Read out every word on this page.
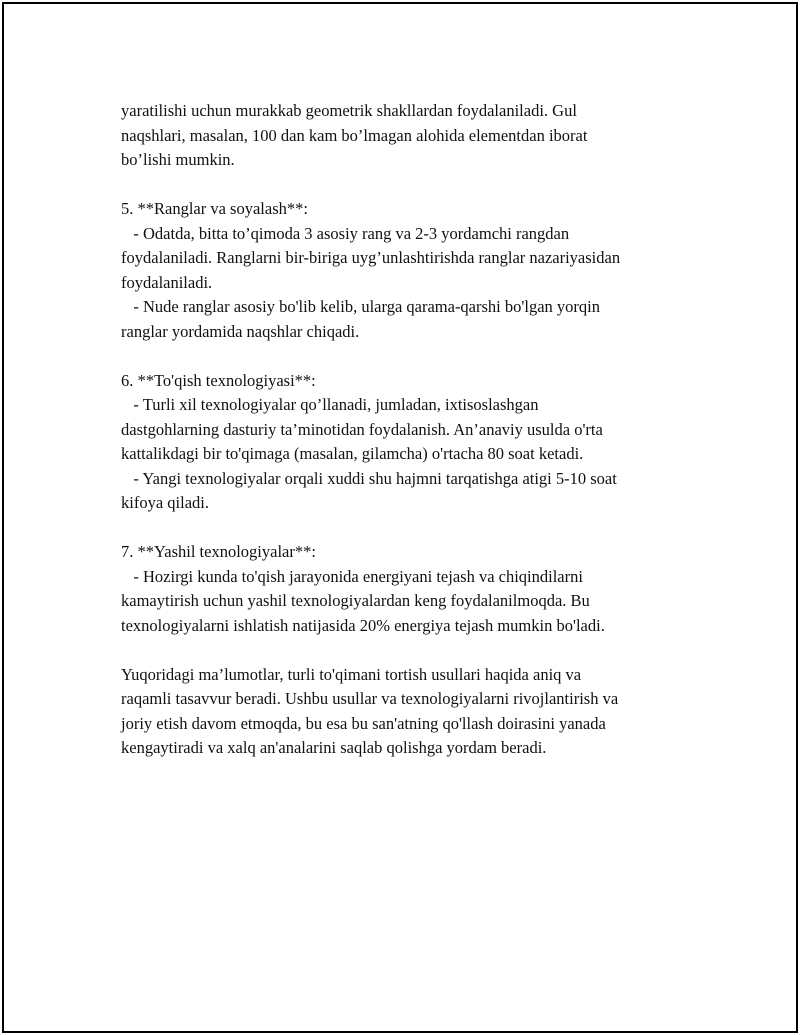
yaratilishi uchun murakkab geometrik shakllardan foydalaniladi. Gul
naqshlari, masalan, 100 dan kam bo’lmagan alohida elementdan iborat
bo’lishi mumkin.
5. **Ranglar va soyalash**:
- Odatda, bitta to’qimoda 3 asosiy rang va 2-3 yordamchi rangdan
foydalaniladi. Ranglarni bir-biriga uyg’unlashtirishda ranglar nazariyasidan
foydalaniladi.
- Nude ranglar asosiy bo'lib kelib, ularga qarama-qarshi bo'lgan yorqin
ranglar yordamida naqshlar chiqadi.
6. **To'qish texnologiyasi**:
- Turli xil texnologiyalar qo’llanadi, jumladan, ixtisoslashgan
dastgohlarning dasturiy ta’minotidan foydalanish. An’anaviy usulda o'rta
kattalikdagi bir to'qimaga (masalan, gilamcha) o'rtacha 80 soat ketadi.
- Yangi texnologiyalar orqali xuddi shu hajmni tarqatishga atigi 5-10 soat
kifoya qiladi.
7. **Yashil texnologiyalar**:
- Hozirgi kunda to'qish jarayonida energiyani tejash va chiqindilarni
kamaytirish uchun yashil texnologiyalardan keng foydalanilmoqda. Bu
texnologiyalarni ishlatish natijasida 20% energiya tejash mumkin bo'ladi.
Yuqoridagi ma’lumotlar, turli to'qimani tortish usullari haqida aniq va
raqamli tasavvur beradi. Ushbu usullar va texnologiyalarni rivojlantirish va
joriy etish davom etmoqda, bu esa bu san'atning qo'llash doirasini yanada
kengaytiradi va xalq an'analarini saqlab qolishga yordam beradi.
